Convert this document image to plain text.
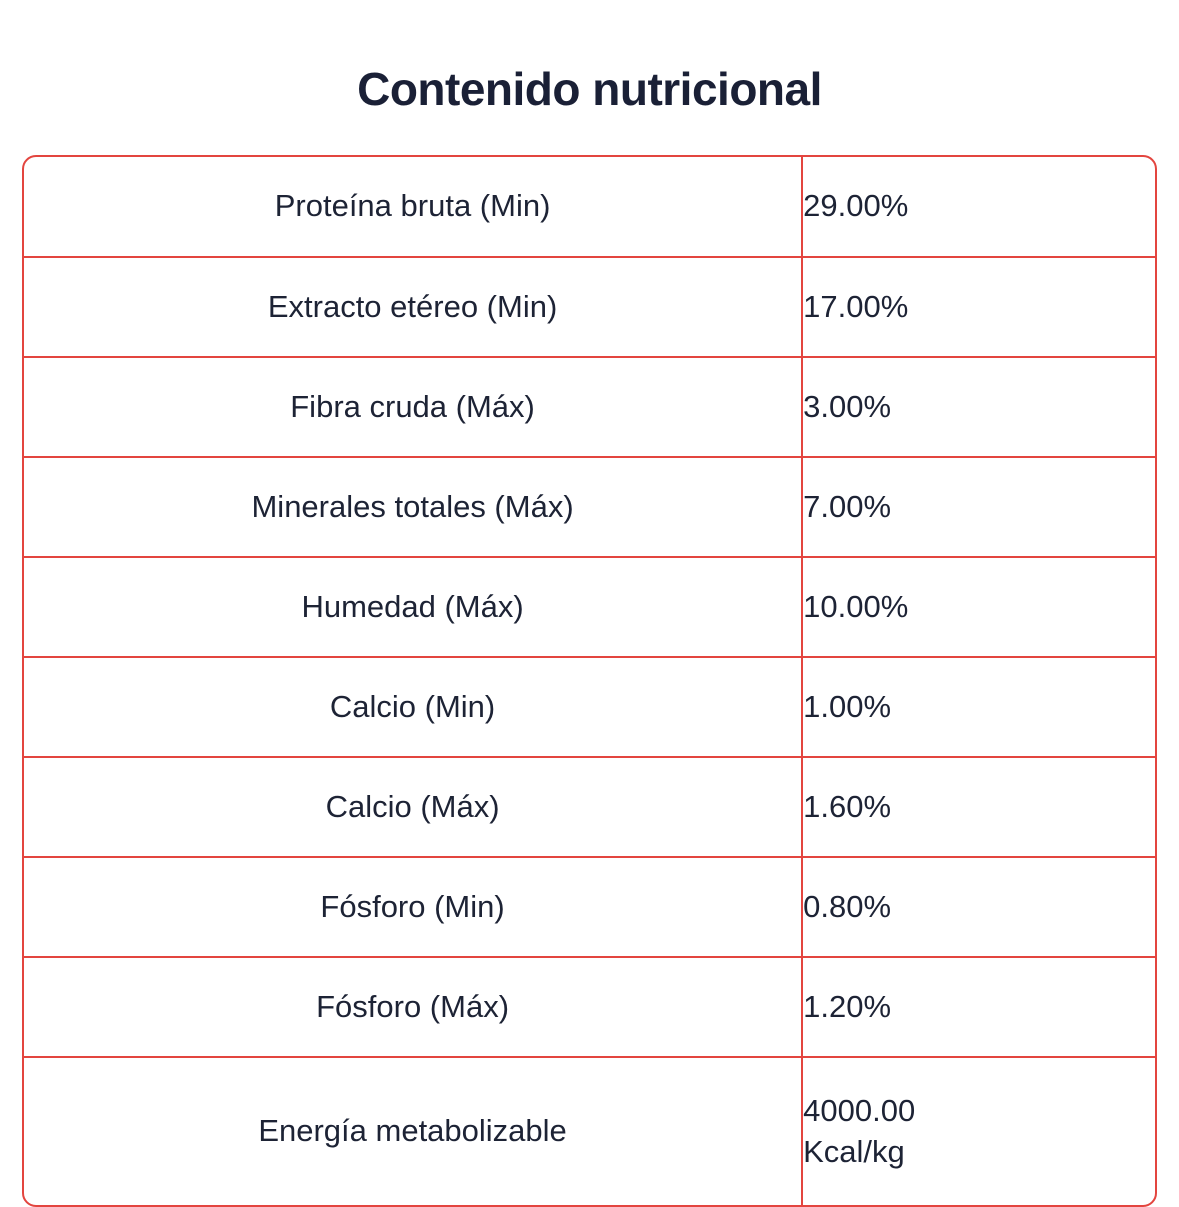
Contenido nutricional
Proteína bruta (Min)	29.00%
Extracto etéreo (Min)	17.00%
Fibra cruda (Máx)	3.00%
Minerales totales (Máx)	7.00%
Humedad (Máx)	10.00%
Calcio (Min)	1.00%
Calcio (Máx)	1.60%
Fósforo (Min)	0.80%
Fósforo (Máx)	1.20%
Energía metabolizable	4000.00
Kcal/kg
